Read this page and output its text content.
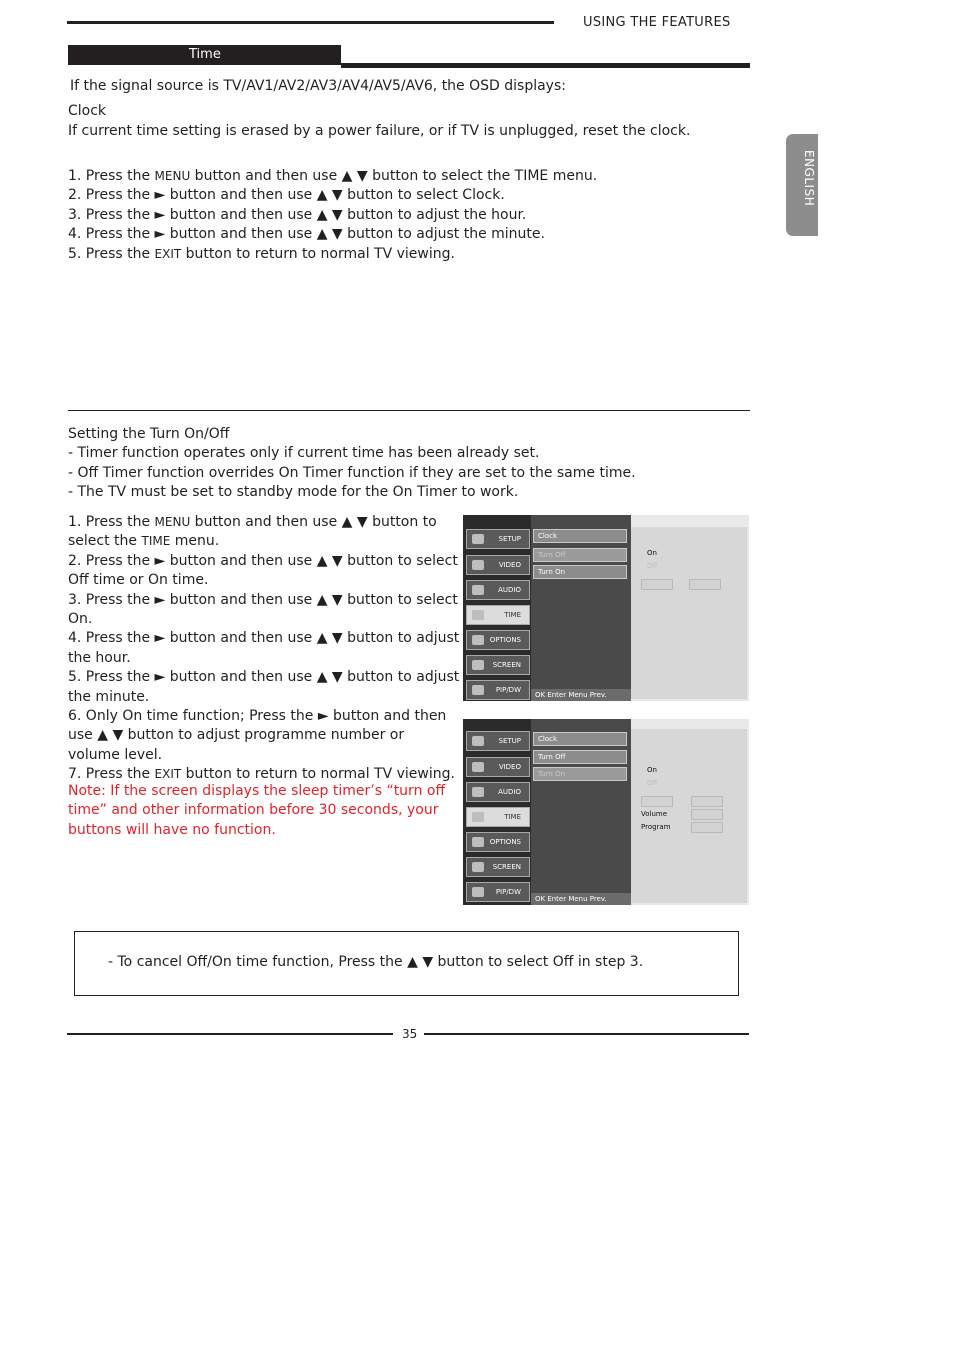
USING THE FEATURES
Time
ENGLISH
If the signal source is TV/AV1/AV2/AV3/AV4/AV5/AV6, the OSD displays:
Clock
If current time setting is erased by a power failure, or if TV is unplugged, reset the clock.
1. Press the MENU button and then use ▲ ▼ button to select the TIME menu.
2. Press the ► button and then use ▲ ▼ button to select Clock.
3. Press the ► button and then use ▲ ▼ button to adjust the hour.
4. Press the ► button and then use ▲ ▼ button to adjust the minute.
5. Press the EXIT button to return to normal TV viewing.
Setting the Turn On/Off
- Timer function operates only if current time has been already set.
- Off Timer function overrides On Timer function if they are set to the same time.
- The TV must be set to standby mode for the On Timer to work.
1. Press the MENU button and then use ▲ ▼ button to
select the TIME menu.
2. Press the ► button and then use ▲ ▼ button to select
Off time or On time.
3. Press the ► button and then use ▲ ▼ button to select
On.
4. Press the ► button and then use ▲ ▼ button to adjust
the hour.
5. Press the ► button and then use ▲ ▼ button to adjust
the minute.
6. Only On time function; Press the ► button and then
use ▲ ▼ button to adjust programme number or
volume level.
7. Press the EXIT button to return to normal TV viewing.
Note: If the screen displays the sleep timer’s “turn off
time” and other information before 30 seconds, your
buttons will have no function.
SETUP
VIDEO
AUDIO
TIME
OPTIONS
SCREEN
PIP/DW
Clock
Turn Off
Turn On
OK Enter Menu Prev.
On
Off
SETUP
VIDEO
AUDIO
TIME
OPTIONS
SCREEN
PIP/DW
Clock
Turn Off
Turn On
OK Enter Menu Prev.
On
Off
Volume
Program
- To cancel Off/On time function, Press the ▲ ▼ button to select Off in step 3.
35
